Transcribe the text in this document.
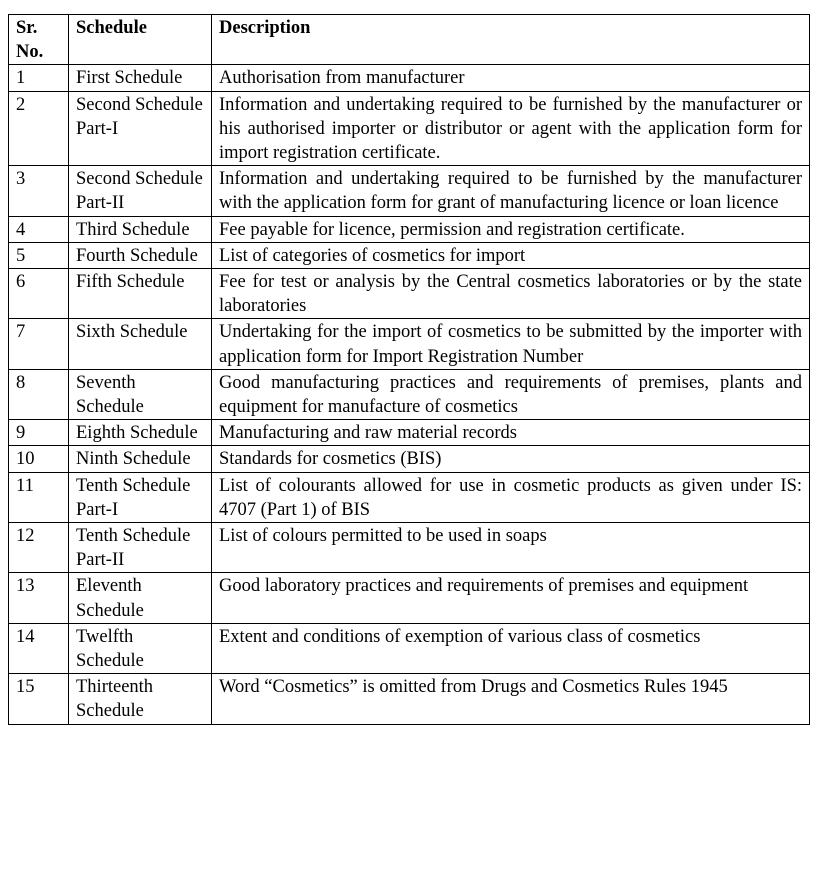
Sr. No.	Schedule	Description
1	First Schedule	Authorisation from manufacturer
2	Second Schedule Part-I	Information and undertaking required to be furnished by the manufacturer or his authorised importer or distributor or agent with the application form for import registration certificate.
3	Second Schedule Part-II	Information and undertaking required to be furnished by the manufacturer with the application form for grant of manufacturing licence or loan licence
4	Third Schedule	Fee payable for licence, permission and registration certificate.
5	Fourth Schedule	List of categories of cosmetics for import
6	Fifth Schedule	Fee for test or analysis by the Central cosmetics laboratories or by the state laboratories
7	Sixth Schedule	Undertaking for the import of cosmetics to be submitted by the importer with application form for Import Registration Number
8	Seventh Schedule	Good manufacturing practices and requirements of premises, plants and equipment for manufacture of cosmetics
9	Eighth Schedule	Manufacturing and raw material records
10	Ninth Schedule	Standards for cosmetics (BIS)
11	Tenth Schedule Part-I	List of colourants allowed for use in cosmetic products as given under IS: 4707 (Part 1) of BIS
12	Tenth Schedule Part-II	List of colours permitted to be used in soaps
13	Eleventh Schedule	Good laboratory practices and requirements of premises and equipment
14	Twelfth Schedule	Extent and conditions of exemption of various class of cosmetics
15	Thirteenth Schedule	Word “Cosmetics” is omitted from Drugs and Cosmetics Rules 1945
